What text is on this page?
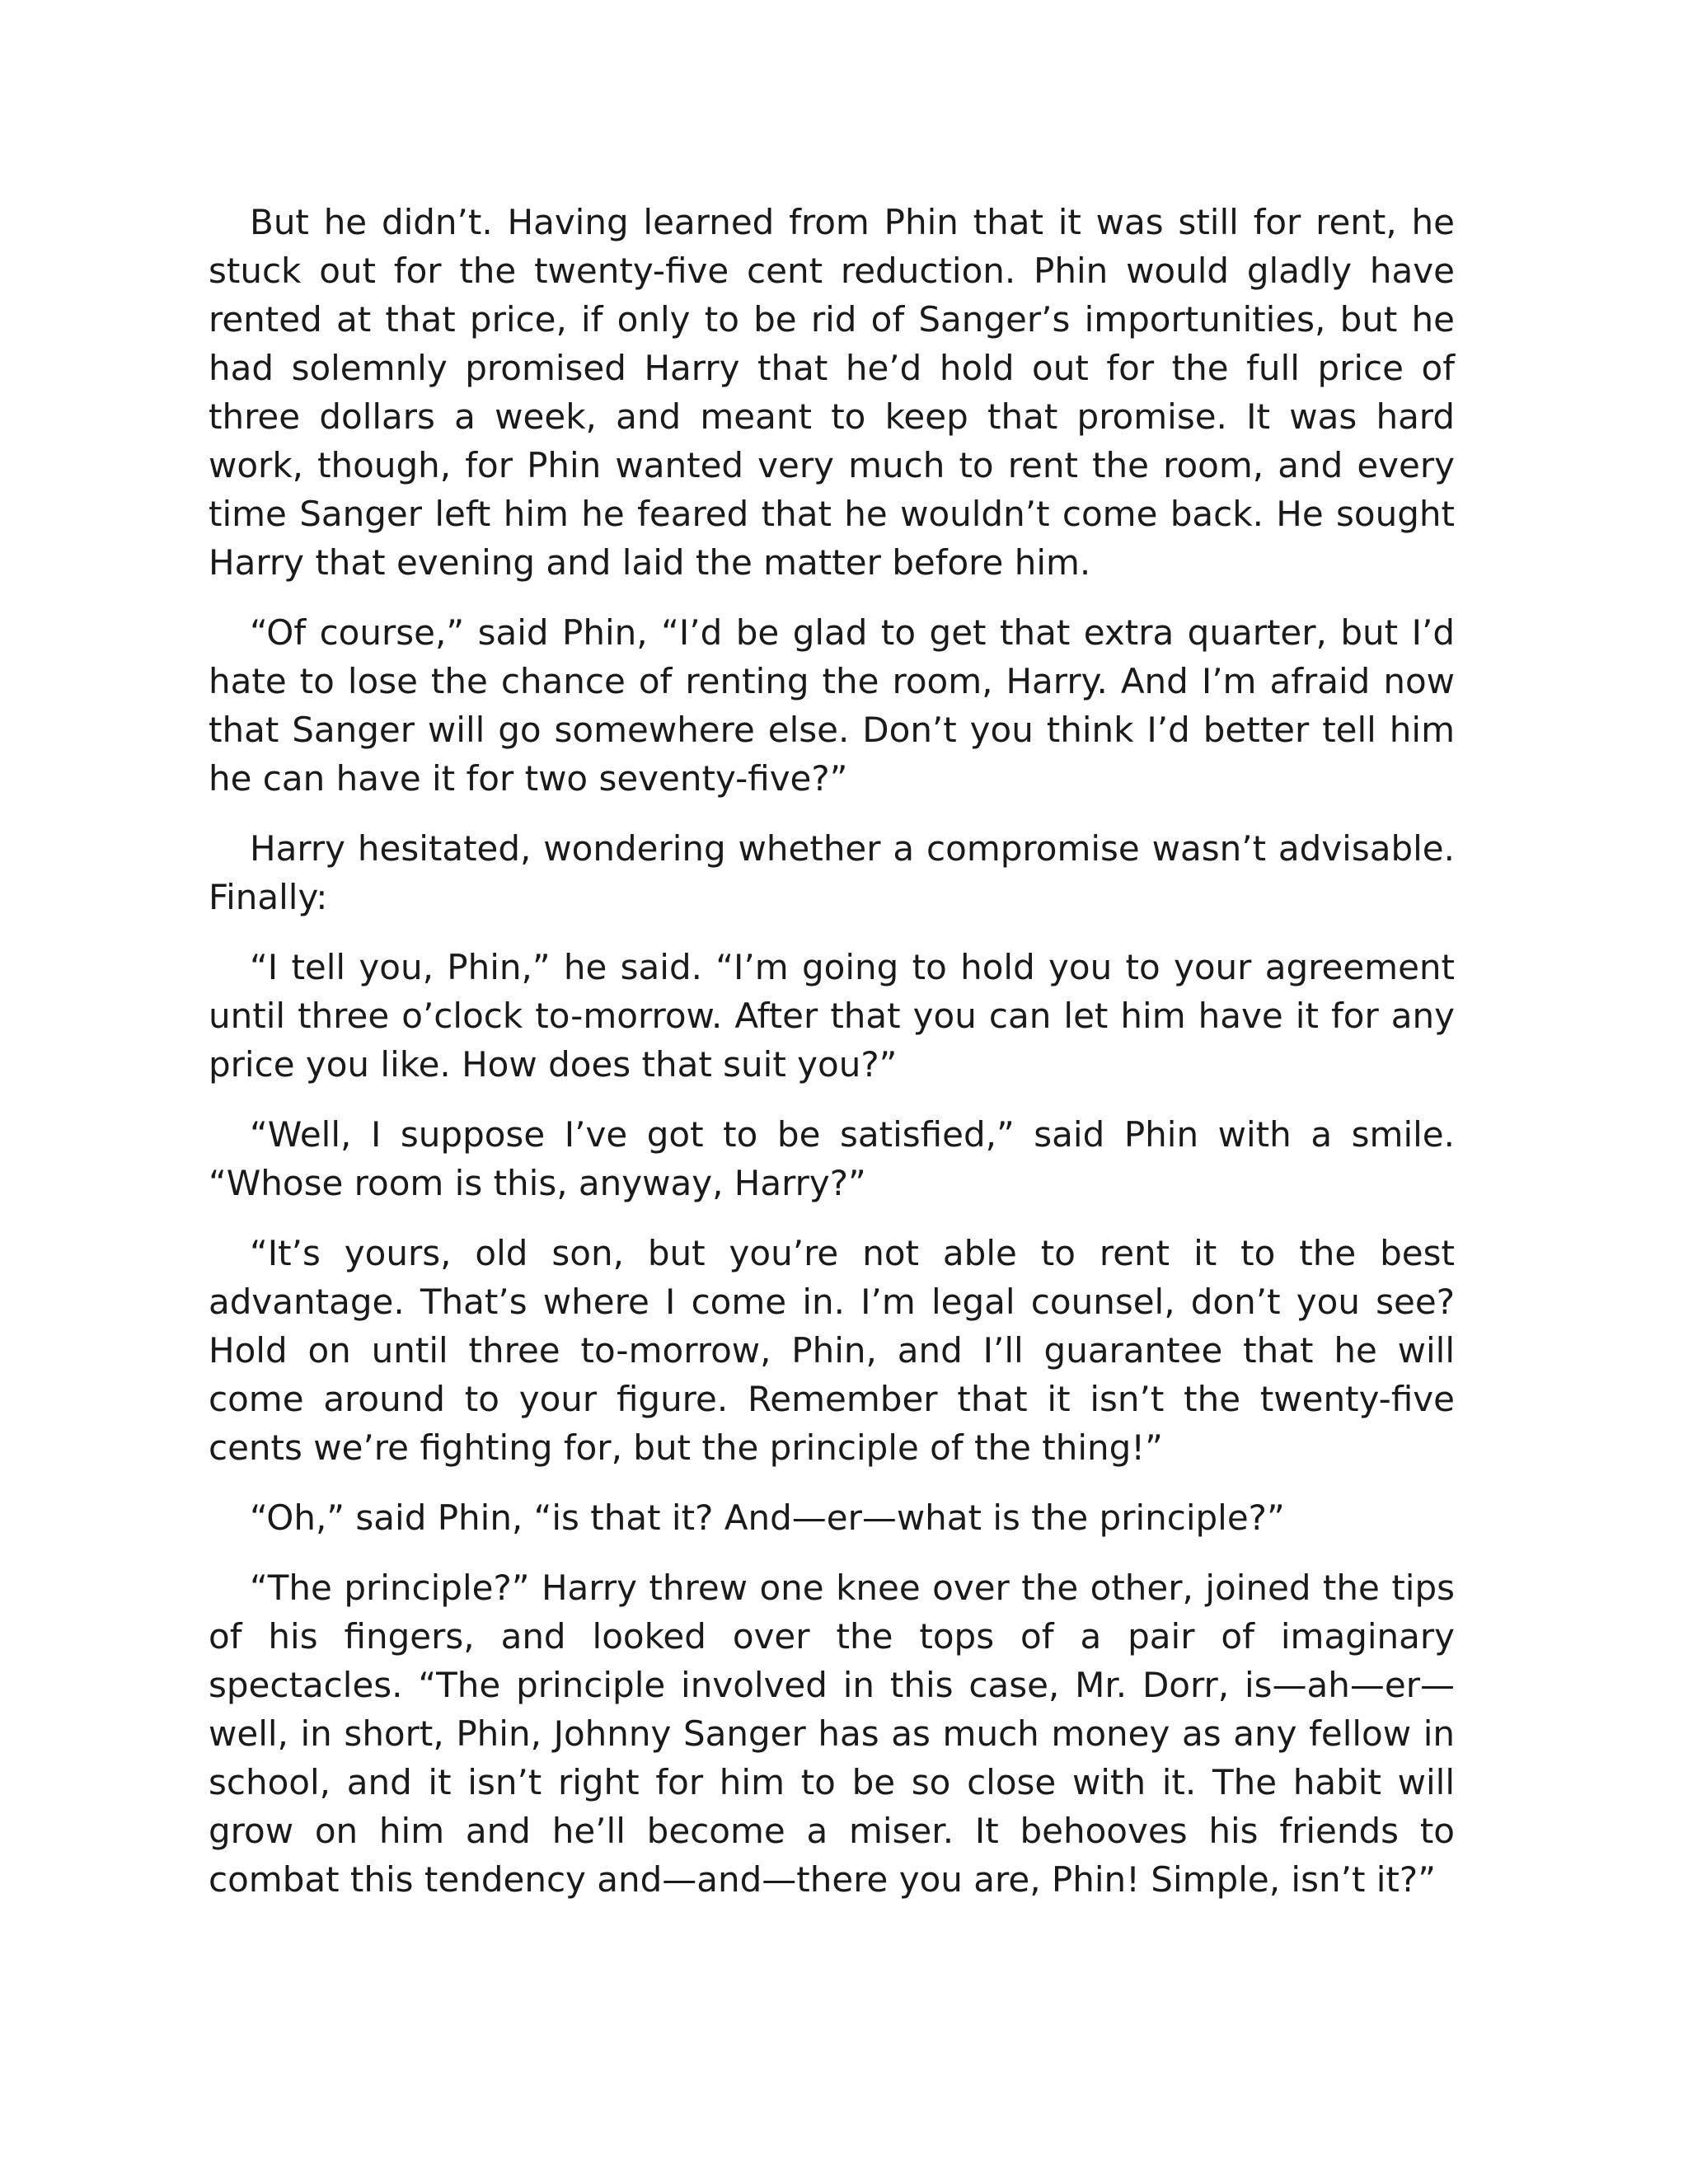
But he didn’t. Having learned from Phin that it was still for rent, he stuck out for the twenty-five cent reduction. Phin would gladly have rented at that price, if only to be rid of Sanger’s importunities, but he had solemnly promised Harry that he’d hold out for the full price of three dollars a week, and meant to keep that promise. It was hard work, though, for Phin wanted very much to rent the room, and every time Sanger left him he feared that he wouldn’t come back. He sought Harry that evening and laid the matter before him.

“Of course,” said Phin, “I’d be glad to get that extra quarter, but I’d hate to lose the chance of renting the room, Harry. And I’m afraid now that Sanger will go somewhere else. Don’t you think I’d better tell him he can have it for two seventy-five?”

Harry hesitated, wondering whether a compromise wasn’t advisable. Finally:

“I tell you, Phin,” he said. “I’m going to hold you to your agreement until three o’clock to-morrow. After that you can let him have it for any price you like. How does that suit you?”

“Well, I suppose I’ve got to be satisfied,” said Phin with a smile. “Whose room is this, anyway, Harry?”

“It’s yours, old son, but you’re not able to rent it to the best advantage. That’s where I come in. I’m legal counsel, don’t you see? Hold on until three to-morrow, Phin, and I’ll guarantee that he will come around to your figure. Remember that it isn’t the twenty-five cents we’re fighting for, but the principle of the thing!”

“Oh,” said Phin, “is that it? And—er—what is the principle?”

“The principle?” Harry threw one knee over the other, joined the tips of his fingers, and looked over the tops of a pair of imaginary spectacles. “The principle involved in this case, Mr. Dorr, is—ah—er—well, in short, Phin, Johnny Sanger has as much money as any fellow in school, and it isn’t right for him to be so close with it. The habit will grow on him and he’ll become a miser. It behooves his friends to combat this tendency and—and—there you are, Phin! Simple, isn’t it?”
